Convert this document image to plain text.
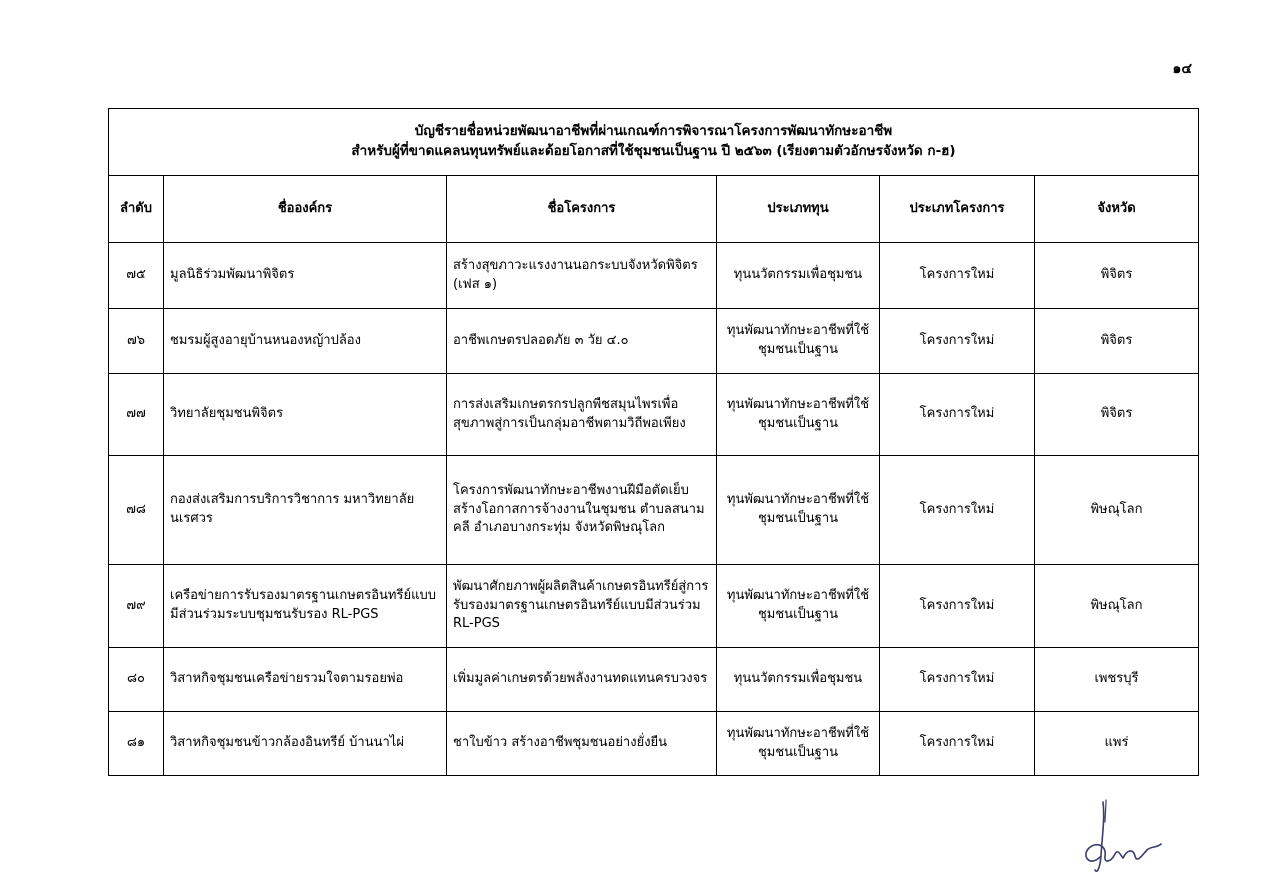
๑๔
บัญชีรายชื่อหน่วยพัฒนาอาชีพที่ผ่านเกณฑ์การพิจารณาโครงการพัฒนาทักษะอาชีพ
สำหรับผู้ที่ขาดแคลนทุนทรัพย์และด้อยโอกาสที่ใช้ชุมชนเป็นฐาน ปี ๒๕๖๓ (เรียงตามตัวอักษรจังหวัด ก-ฮ)					

ลำดับ	ชื่อองค์กร	ชื่อโครงการ	ประเภททุน	ประเภทโครงการ	จังหวัด
๗๕	มูลนิธิร่วมพัฒนาพิจิตร	สร้างสุขภาวะแรงงานนอกระบบจังหวัดพิจิตร (เฟส ๑)	ทุนนวัตกรรมเพื่อชุมชน	โครงการใหม่	พิจิตร
๗๖	ชมรมผู้สูงอายุบ้านหนองหญ้าปล้อง	อาชีพเกษตรปลอดภัย ๓ วัย ๔.๐	ทุนพัฒนาทักษะอาชีพที่ใช้ชุมชนเป็นฐาน	โครงการใหม่	พิจิตร
๗๗	วิทยาลัยชุมชนพิจิตร	การส่งเสริมเกษตรกรปลูกพืชสมุนไพรเพื่อสุขภาพสู่การเป็นกลุ่มอาชีพตามวิถีพอเพียง	ทุนพัฒนาทักษะอาชีพที่ใช้ชุมชนเป็นฐาน	โครงการใหม่	พิจิตร
๗๘	กองส่งเสริมการบริการวิชาการ มหาวิทยาลัยนเรศวร	โครงการพัฒนาทักษะอาชีพงานฝีมือตัดเย็บ สร้างโอกาสการจ้างงานในชุมชน ตำบลสนามคลี อำเภอบางกระทุ่ม จังหวัดพิษณุโลก	ทุนพัฒนาทักษะอาชีพที่ใช้ชุมชนเป็นฐาน	โครงการใหม่	พิษณุโลก
๗๙	เครือข่ายการรับรองมาตรฐานเกษตรอินทรีย์แบบมีส่วนร่วมระบบชุมชนรับรอง RL-PGS	พัฒนาศักยภาพผู้ผลิตสินค้าเกษตรอินทรีย์สู่การรับรองมาตรฐานเกษตรอินทรีย์แบบมีส่วนร่วม RL-PGS	ทุนพัฒนาทักษะอาชีพที่ใช้ชุมชนเป็นฐาน	โครงการใหม่	พิษณุโลก
๘๐	วิสาหกิจชุมชนเครือข่ายรวมใจตามรอยพ่อ	เพิ่มมูลค่าเกษตรด้วยพลังงานทดแทนครบวงจร	ทุนนวัตกรรมเพื่อชุมชน	โครงการใหม่	เพชรบุรี
๘๑	วิสาหกิจชุมชนข้าวกล้องอินทรีย์ บ้านนาไผ่	ชาใบข้าว สร้างอาชีพชุมชนอย่างยั่งยืน	ทุนพัฒนาทักษะอาชีพที่ใช้ชุมชนเป็นฐาน	โครงการใหม่	แพร่
